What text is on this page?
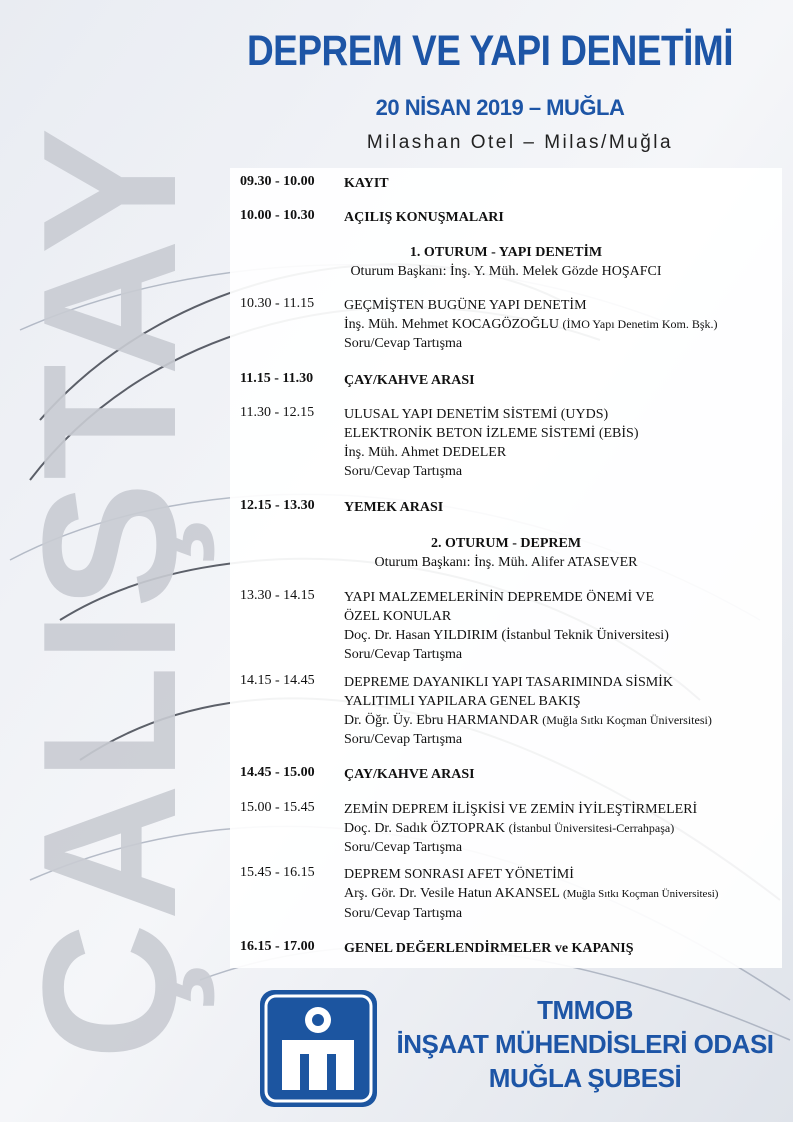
ÇALIŞTAY
DEPREM VE YAPI DENETİMİ
20 NİSAN 2019 – MUĞLA
Milashan Otel – Milas/Muğla
09.30 - 10.00	KAYIT
10.00 - 10.30	AÇILIŞ KONUŞMALARI
1. OTURUM - YAPI DENETİM
Oturum Başkanı: İnş. Y. Müh. Melek Gözde HOŞAFCI
10.30 - 11.15	GEÇMİŞTEN BUGÜNE YAPI DENETİM
İnş. Müh. Mehmet KOCAGÖZOĞLU (İMO Yapı Denetim Kom. Bşk.)
Soru/Cevap Tartışma
11.15 - 11.30	ÇAY/KAHVE ARASI
11.30 - 12.15	ULUSAL YAPI DENETİM SİSTEMİ (UYDS)
ELEKTRONİK BETON İZLEME SİSTEMİ (EBİS)
İnş. Müh. Ahmet DEDELER
Soru/Cevap Tartışma
12.15 - 13.30	YEMEK ARASI
2. OTURUM - DEPREM
Oturum Başkanı: İnş. Müh. Alifer ATASEVER
13.30 - 14.15	YAPI MALZEMELERİNİN DEPREMDE ÖNEMİ VE
ÖZEL KONULAR
Doç. Dr. Hasan YILDIRIM (İstanbul Teknik Üniversitesi)
Soru/Cevap Tartışma
14.15 - 14.45	DEPREME DAYANIKLI YAPI TASARIMINDA SİSMİK
YALITIMLI YAPILARA GENEL BAKIŞ
Dr. Öğr. Üy. Ebru HARMANDAR (Muğla Sıtkı Koçman Üniversitesi)
Soru/Cevap Tartışma
14.45 - 15.00	ÇAY/KAHVE ARASI
15.00 - 15.45	ZEMİN DEPREM İLİŞKİSİ VE ZEMİN İYİLEŞTİRMELERİ
Doç. Dr. Sadık ÖZTOPRAK (İstanbul Üniversitesi-Cerrahpaşa)
Soru/Cevap Tartışma
15.45 - 16.15	DEPREM SONRASI AFET YÖNETİMİ
Arş. Gör. Dr. Vesile Hatun AKANSEL (Muğla Sıtkı Koçman Üniversitesi)
Soru/Cevap Tartışma
16.15 - 17.00	GENEL DEĞERLENDİRMELER ve KAPANIŞ
TMMOB
İNŞAAT MÜHENDİSLERİ ODASI
MUĞLA ŞUBESİ
